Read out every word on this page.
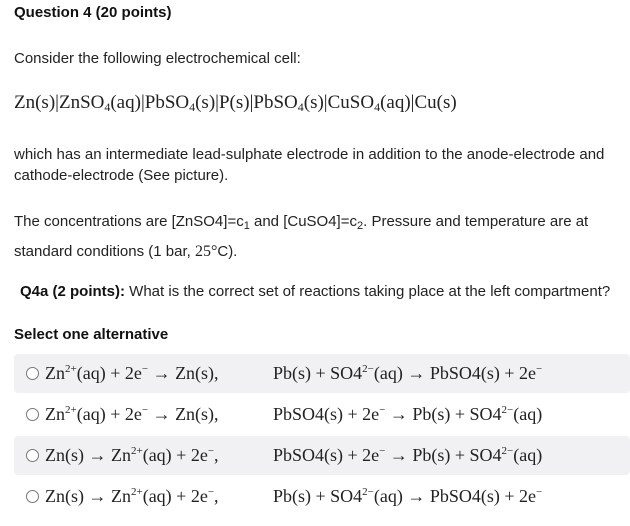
Question 4 (20 points)
Consider the following electrochemical cell:
Zn(s)|ZnSO$_4$(aq)|PbSO$_4$(s)|P(s)|PbSO$_4$(s)|CuSO$_4$(aq)|Cu(s)
which has an intermediate lead-sulphate electrode in addition to the anode-electrode and cathode-electrode (See picture).
The concentrations are $[ZnSO4]=c_1$ and $[CuSO4]=c_2$. Pressure and temperature are at standard conditions (1 bar, 25°C).
Q4a (2 points): What is the correct set of reactions taking place at the left compartment?
Select one alternative
$Zn^{2+}(aq) + 2e^- \to Zn(s)$,	$Pb(s) + SO4^{2-}(aq)$ → PbSO4(s) + 2e−
$Zn^{2+}(aq) + 2e^- \to Zn(s)$,	PbSO4(s) + $2e^- \to Pb(s) + SO4^{2-}(aq)$
$Zn(s) \to Zn^{2+}(aq) + 2e^-$,	PbSO4(s) + $2e^- \to Pb(s) + SO4^{2-}(aq)$
$Zn(s) \to Zn^{2+}(aq) + 2e^-$,	$Pb(s) + SO4^{2-}(aq)$ → PbSO4(s) + 2e−
